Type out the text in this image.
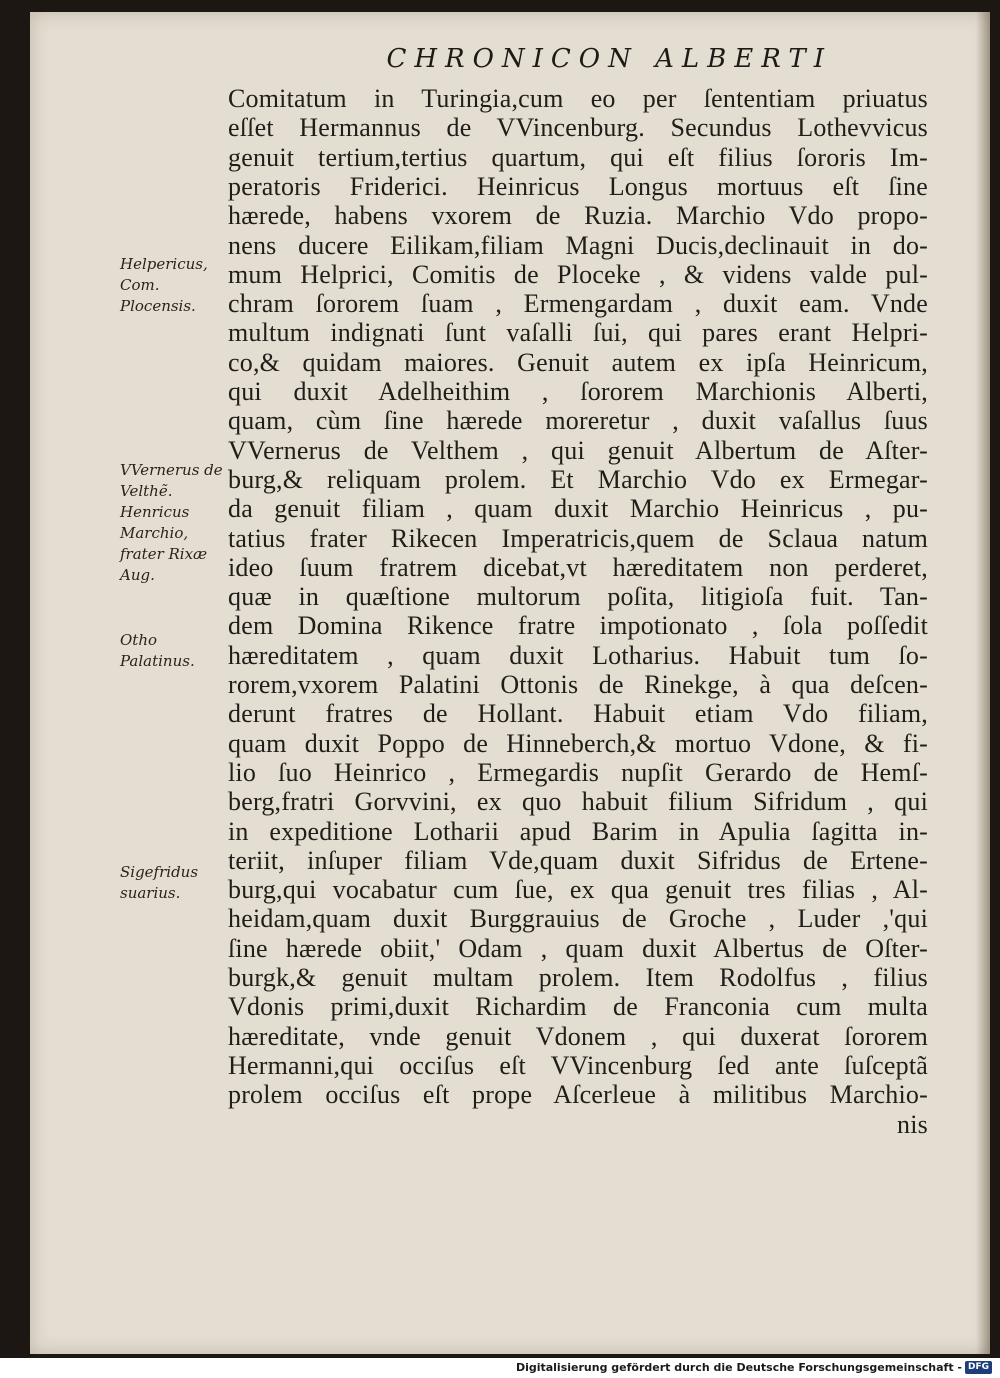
CHRONICON ALBERTI
Helpericus, Com. Plocensis.
VVernerus de Velthẽ. Henricus Marchio, frater Rixæ Aug.
Otho Palatinus.
Sigefridus suarius.
Comitatum in Turingia,cum eo per ſententiam priuatus
eſſet Hermannus de VVincenburg. Secundus Lothevvicus
genuit tertium,tertius quartum, qui eſt filius ſororis Im-
peratoris Friderici. Heinricus Longus mortuus eſt ſine
hærede, habens vxorem de Ruzia. Marchio Vdo propo-
nens ducere Eilikam,filiam Magni Ducis,declinauit in do-
mum Helprici, Comitis de Ploceke , & videns valde pul-
chram ſororem ſuam , Ermengardam , duxit eam. Vnde
multum indignati ſunt vaſalli ſui, qui pares erant Helpri-
co,& quidam maiores. Genuit autem ex ipſa Heinricum,
qui duxit Adelheithim , ſororem Marchionis Alberti,
quam, cùm ſine hærede moreretur , duxit vaſallus ſuus
VVernerus de Velthem , qui genuit Albertum de Aſter-
burg,& reliquam prolem. Et Marchio Vdo ex Ermegar-
da genuit filiam , quam duxit Marchio Heinricus , pu-
tatius frater Rikecen Imperatricis,quem de Sclaua natum
ideo ſuum fratrem dicebat,vt hæreditatem non perderet,
quæ in quæſtione multorum poſita, litigioſa fuit. Tan-
dem Domina Rikence fratre impotionato , ſola poſſedit
hæreditatem , quam duxit Lotharius. Habuit tum ſo-
rorem,vxorem Palatini Ottonis de Rinekge, à qua deſcen-
derunt fratres de Hollant. Habuit etiam Vdo filiam,
quam duxit Poppo de Hinneberch,& mortuo Vdone, & fi-
lio ſuo Heinrico , Ermegardis nupſit Gerardo de Hemſ-
berg,fratri Gorvvini, ex quo habuit filium Sifridum , qui
in expeditione Lotharii apud Barim in Apulia ſagitta in-
teriit, inſuper filiam Vde,quam duxit Sifridus de Ertene-
burg,qui vocabatur cum ſue, ex qua genuit tres filias , Al-
heidam,quam duxit Burggrauius de Groche , Luder ,'qui
ſine hærede obiit,' Odam , quam duxit Albertus de Oſter-
burgk,& genuit multam prolem. Item Rodolfus , filius
Vdonis primi,duxit Richardim de Franconia cum multa
hæreditate, vnde genuit Vdonem , qui duxerat ſororem
Hermanni,qui occiſus eſt VVincenburg ſed ante ſuſceptã
prolem occiſus eſt prope Aſcerleue à militibus Marchio-
nis
Digitalisierung gefördert durch die Deutsche Forschungsgemeinschaft - DFG
